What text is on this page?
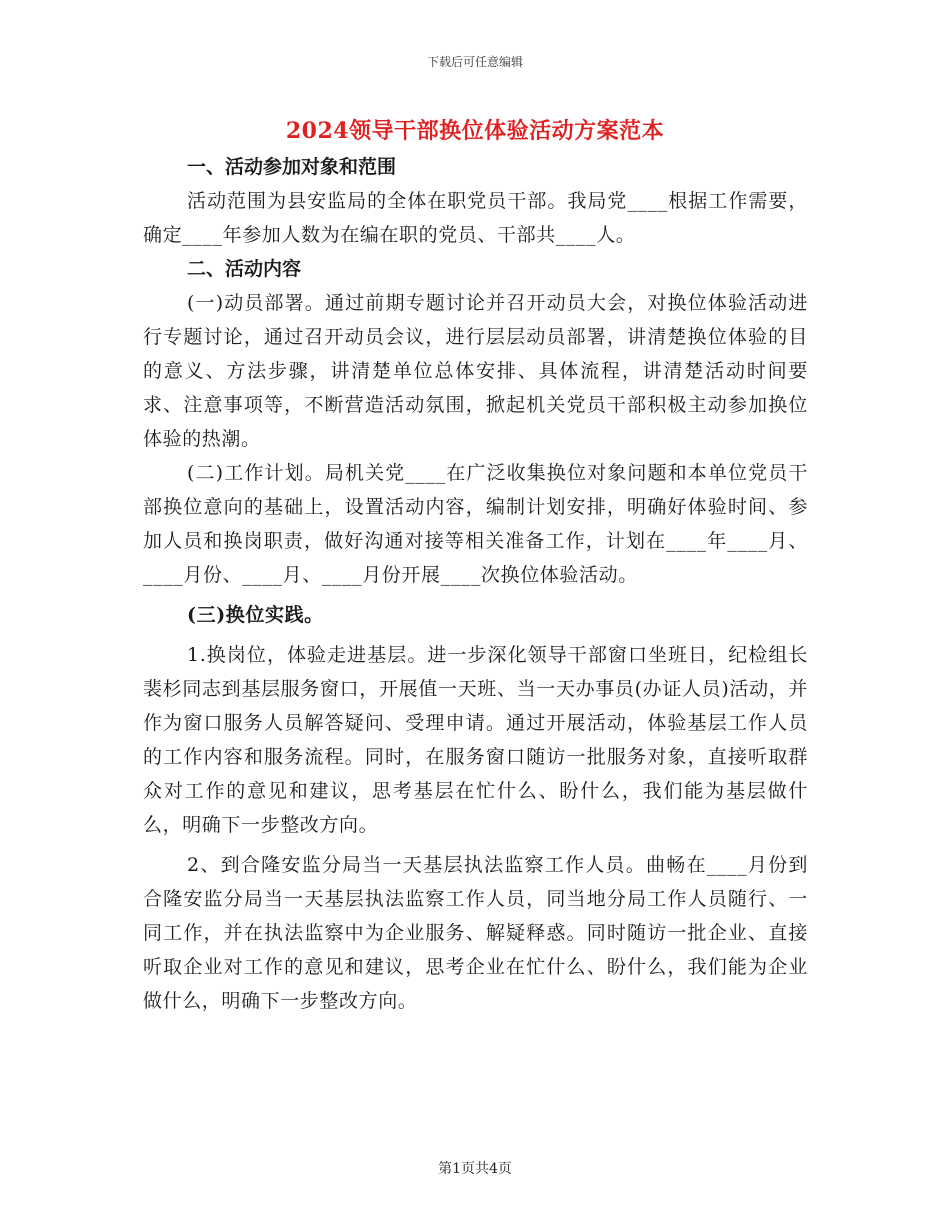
下载后可任意编辑
2024领导干部换位体验活动方案范本

一、活动参加对象和范围

活动范围为县安监局的全体在职党员干部。我局党____根据工作需要，确定____年参加人数为在编在职的党员、干部共____人。

二、活动内容

(一)动员部署。通过前期专题讨论并召开动员大会，对换位体验活动进行专题讨论，通过召开动员会议，进行层层动员部署，讲清楚换位体验的目的意义、方法步骤，讲清楚单位总体安排、具体流程，讲清楚活动时间要求、注意事项等，不断营造活动氛围，掀起机关党员干部积极主动参加换位体验的热潮。

(二)工作计划。局机关党____在广泛收集换位对象问题和本单位党员干部换位意向的基础上，设置活动内容，编制计划安排，明确好体验时间、参加人员和换岗职责，做好沟通对接等相关准备工作，计划在____年____月、____月份、____月、____月份开展____次换位体验活动。

(三)换位实践。

1.换岗位，体验走进基层。进一步深化领导干部窗口坐班日，纪检组长裴杉同志到基层服务窗口，开展值一天班、当一天办事员(办证人员)活动，并作为窗口服务人员解答疑问、受理申请。通过开展活动，体验基层工作人员的工作内容和服务流程。同时，在服务窗口随访一批服务对象，直接听取群众对工作的意见和建议，思考基层在忙什么、盼什么，我们能为基层做什么，明确下一步整改方向。

2、到合隆安监分局当一天基层执法监察工作人员。曲畅在____月份到合隆安监分局当一天基层执法监察工作人员，同当地分局工作人员随行、一同工作，并在执法监察中为企业服务、解疑释惑。同时随访一批企业、直接听取企业对工作的意见和建议，思考企业在忙什么、盼什么，我们能为企业做什么，明确下一步整改方向。

第1页共4页
